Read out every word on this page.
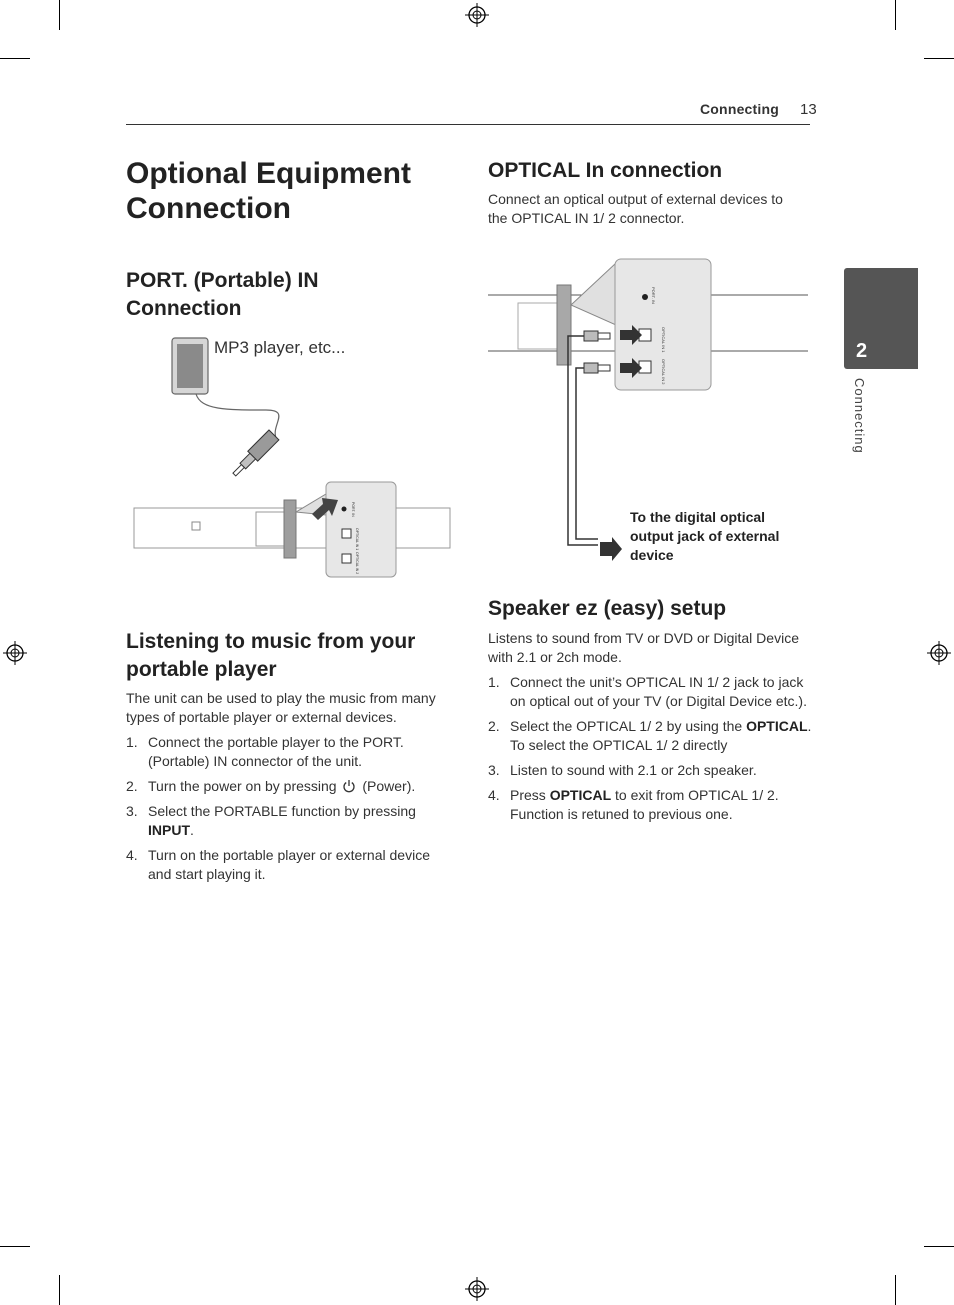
Connecting 13
2
Connecting
Optional Equipment Connection
PORT. (Portable) IN Connection
PORT. IN
OPTICAL IN 1
OPTICAL IN 2
MP3 player, etc...
Listening to music from your portable player
The unit can be used to play the music from many types of portable player or external devices.
1. Connect the portable player to the PORT. (Portable) IN connector of the unit.
2. Turn the power on by pressing (Power).
3. Select the PORTABLE function by pressing INPUT.
4. Turn on the portable player or external device and start playing it.
OPTICAL In connection
Connect an optical output of external devices to the OPTICAL IN 1/ 2 connector.
PORT. IN
OPTICAL IN 1
OPTICAL IN 2
To the digital optical output jack of external device
Speaker ez (easy) setup
Listens to sound from TV or DVD or Digital Device with 2.1 or 2ch mode.
1. Connect the unit’s OPTICAL IN 1/ 2 jack to jack on optical out of your TV (or Digital Device etc.).
2. Select the OPTICAL 1/ 2 by using the OPTICAL. To select the OPTICAL 1/ 2 directly
3. Listen to sound with 2.1 or 2ch speaker.
4. Press OPTICAL to exit from OPTICAL 1/ 2. Function is retuned to previous one.
